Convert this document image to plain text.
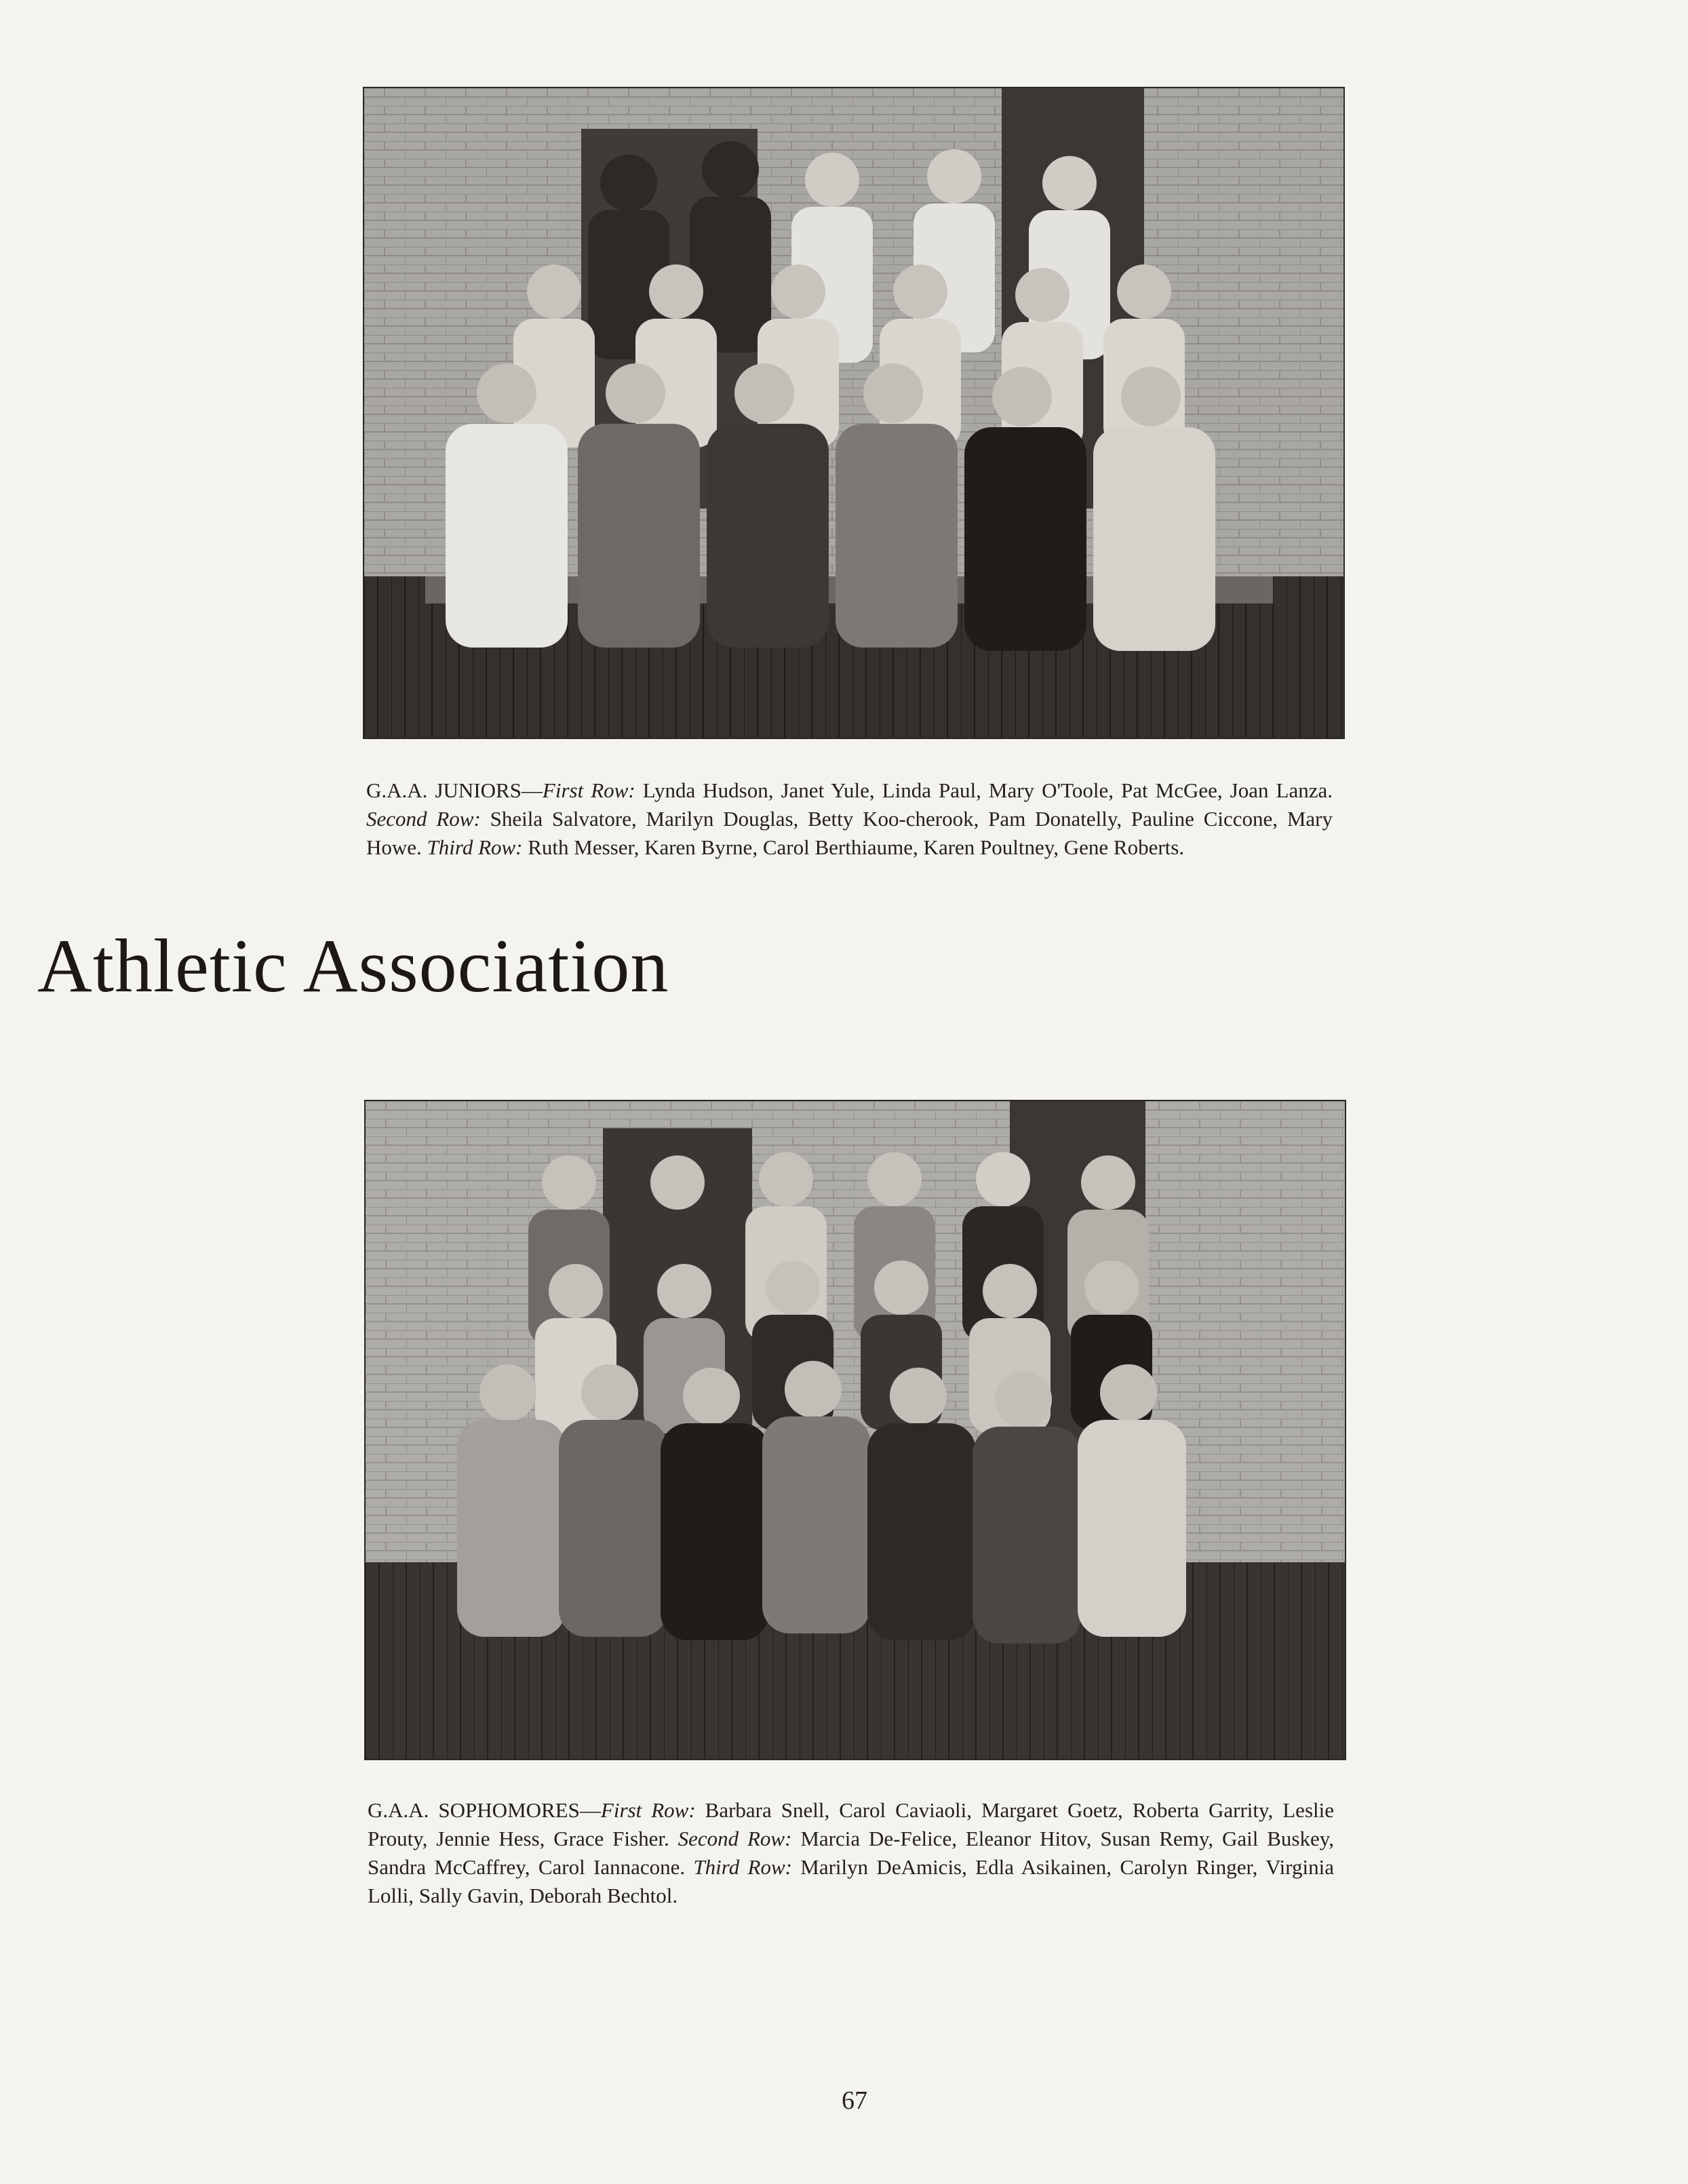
G.A.A. JUNIORS—First Row: Lynda Hudson, Janet Yule, Linda Paul, Mary O'Toole, Pat McGee, Joan Lanza. Second Row: Sheila Salvatore, Marilyn Douglas, Betty Koo-cherook, Pam Donatelly, Pauline Ciccone, Mary Howe. Third Row: Ruth Messer, Karen Byrne, Carol Berthiaume, Karen Poultney, Gene Roberts.

Athletic Association

G.A.A. SOPHOMORES—First Row: Barbara Snell, Carol Caviaoli, Margaret Goetz, Roberta Garrity, Leslie Prouty, Jennie Hess, Grace Fisher. Second Row: Marcia De-Felice, Eleanor Hitov, Susan Remy, Gail Buskey, Sandra McCaffrey, Carol Iannacone. Third Row: Marilyn DeAmicis, Edla Asikainen, Carolyn Ringer, Virginia Lolli, Sally Gavin, Deborah Bechtol.

67
